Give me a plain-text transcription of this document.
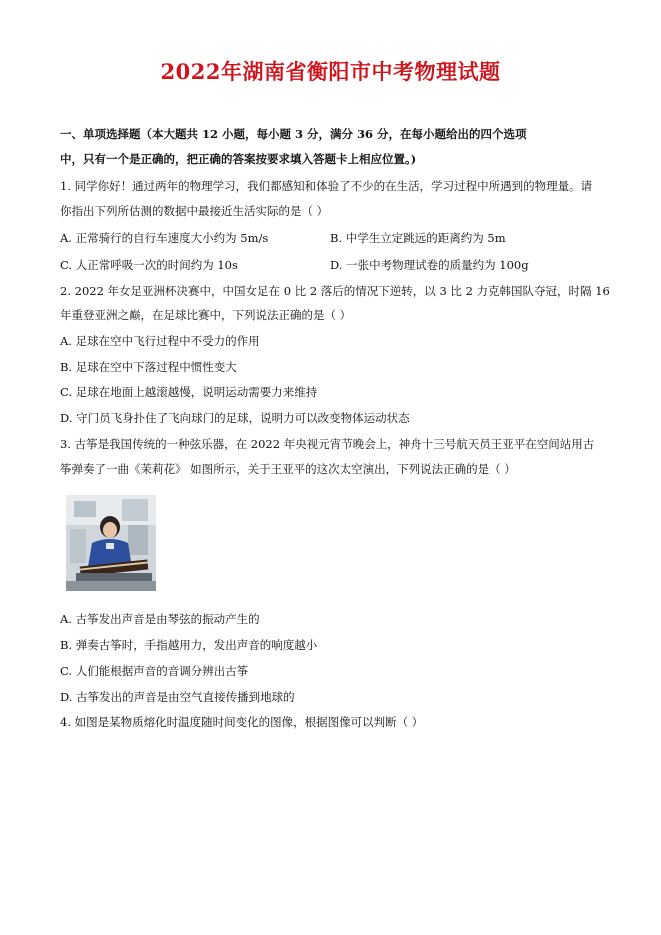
2022年湖南省衡阳市中考物理试题
一、单项选择题（本大题共 12 小题，每小题 3 分，满分 36 分，在每小题给出的四个选项
中，只有一个是正确的，把正确的答案按要求填入答题卡上相应位置。)
1. 同学你好！通过两年的物理学习，我们都感知和体验了不少的在生活，学习过程中所遇到的物理量。请
你指出下列所估测的数据中最接近生活实际的是（ ）
A. 正常骑行的自行车速度大小约为 5m/s	B. 中学生立定跳远的距离约为 5m
C. 人正常呼吸一次的时间约为 10s	D. 一张中考物理试卷的质量约为 100g
2. 2022 年女足亚洲杯决赛中，中国女足在 0 比 2 落后的情况下逆转，以 3 比 2 力克韩国队夺冠，时隔 16
年重登亚洲之巅，在足球比赛中，下列说法正确的是（ ）
A. 足球在空中飞行过程中不受力的作用
B. 足球在空中下落过程中惯性变大
C. 足球在地面上越滚越慢，说明运动需要力来维持
D. 守门员飞身扑住了飞向球门的足球，说明力可以改变物体运动状态
3. 古筝是我国传统的一种弦乐器，在 2022 年央视元宵节晚会上，神舟十三号航天员王亚平在空间站用古
筝弹奏了一曲《茉莉花》 如图所示，关于王亚平的这次太空演出，下列说法正确的是（ ）
A. 古筝发出声音是由琴弦的振动产生的
B. 弹奏古筝时，手指越用力，发出声音的响度越小
C. 人们能根据声音的音调分辨出古筝
D. 古筝发出的声音是由空气直接传播到地球的
4. 如图是某物质熔化时温度随时间变化的图像，根据图像可以判断（ ）
